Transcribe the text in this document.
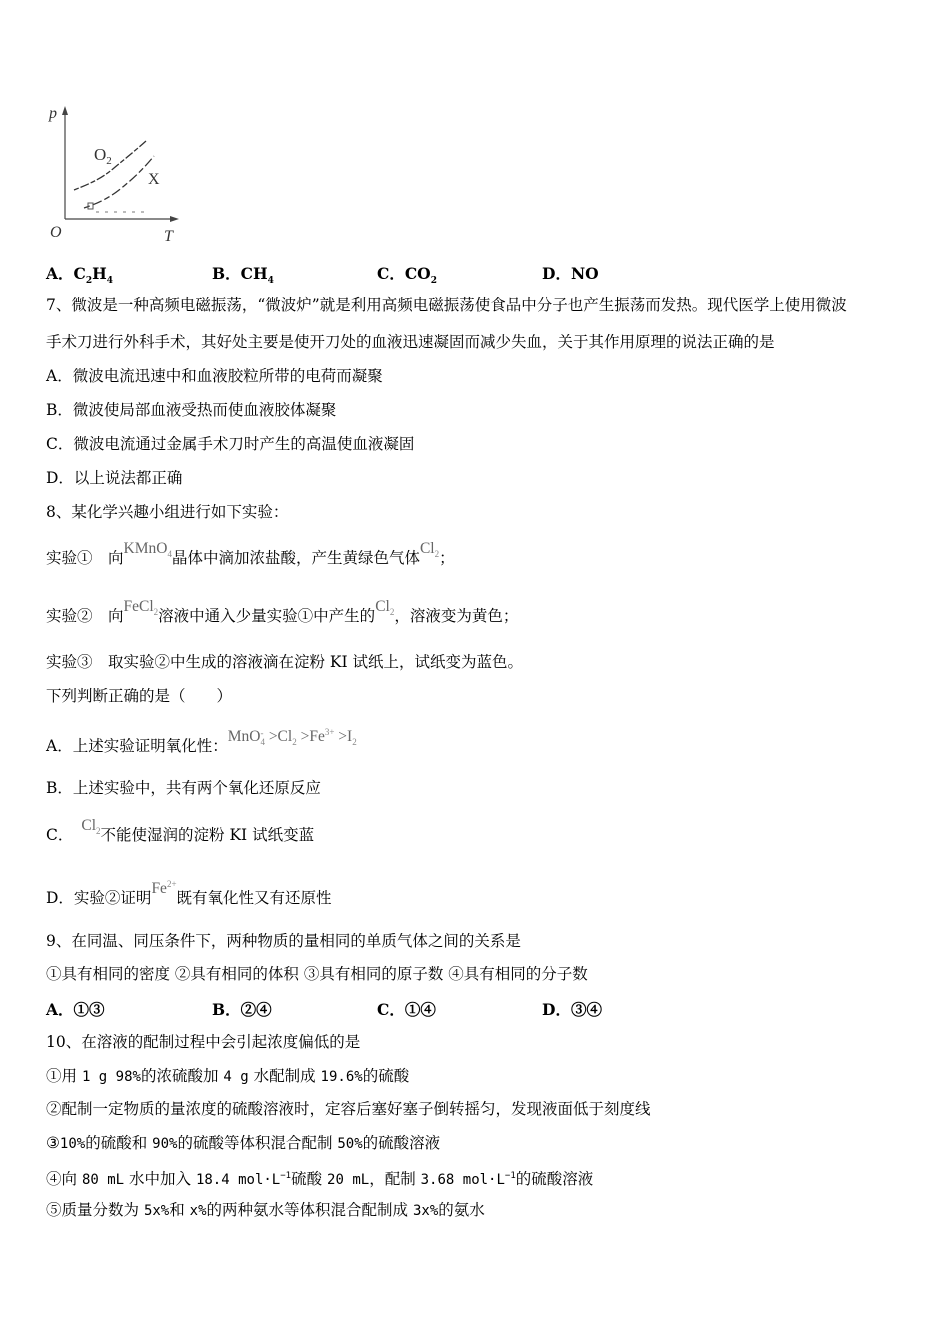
p
T
O
$O_2$
X
A．$C_2H_4$	B．$CH_4$	C．$CO_2$	D．NO
7、微波是一种高频电磁振荡，“微波炉”就是利用高频电磁振荡使食品中分子也产生振荡而发热。现代医学上使用微波
手术刀进行外科手术，其好处主要是使开刀处的血液迅速凝固而减少失血，关于其作用原理的说法正确的是
A．微波电流迅速中和血液胶粒所带的电荷而凝聚
B．微波使局部血液受热而使血液胶体凝聚
C．微波电流通过金属手术刀时产生的高温使血液凝固
D．以上说法都正确
8、某化学兴趣小组进行如下实验：
实验①　向KMnO$_4$晶体中滴加浓盐酸，产生黄绿色气体$Cl_2$；
实验②　向FeCl$_2$溶液中通入少量实验①中产生的$Cl_2$，溶液变为黄色；
实验③　取实验②中生成的溶液滴在淀粉 KI 试纸上，试纸变为蓝色。
下列判断正确的是（　　）
A．上述实验证明氧化性：MnO -
$4 >Cl_2 >Fe^{3+} >I_2$
B．上述实验中，共有两个氧化还原反应
C．$Cl_2$不能使湿润的淀粉 KI 试纸变蓝
D．实验②证明$Fe^{2+}$既有氧化性又有还原性
9、在同温、同压条件下，两种物质的量相同的单质气体之间的关系是
①具有相同的密度 ②具有相同的体积 ③具有相同的原子数 ④具有相同的分子数
A．①③	B．②④	C．①④	D．③④
10、在溶液的配制过程中会引起浓度偏低的是
①用 1 g 98%的浓硫酸加 4 g 水配制成 19.6%的硫酸
②配制一定物质的量浓度的硫酸溶液时，定容后塞好塞子倒转摇匀，发现液面低于刻度线
③10%的硫酸和 90%的硫酸等体积混合配制 50%的硫酸溶液
④向 80 mL 水中加入 18.4 $mol\cdot L^{-1}$硫酸 20 mL，配制 3.68 $mol\cdot L^{-1}$的硫酸溶液
⑤质量分数为 5x%和 x%的两种氨水等体积混合配制成 3x%的氨水
